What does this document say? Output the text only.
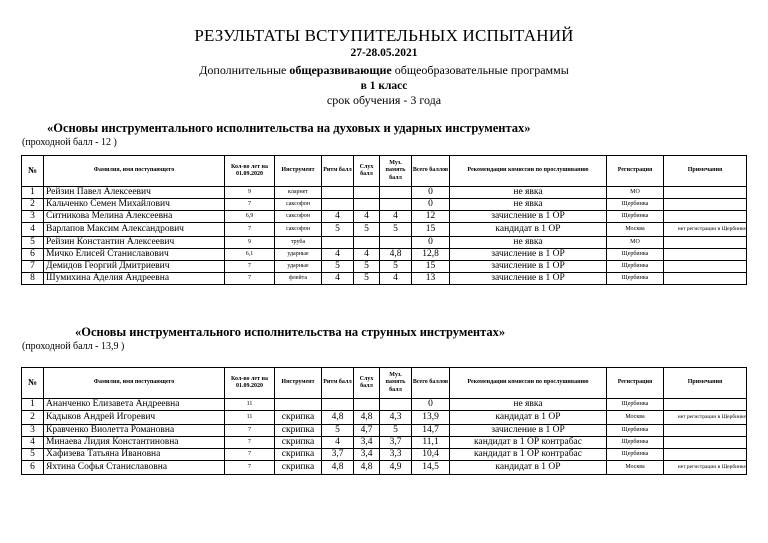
РЕЗУЛЬТАТЫ ВСТУПИТЕЛЬНЫХ ИСПЫТАНИЙ
27-28.05.2021
Дополнительные общеразвивающие общеобразовательные программы
в 1 класс
срок обучения - 3 года
«Основы инструментального исполнительства на духовых и ударных инструментах»
(проходной балл - 12 )
№	Фамилия, имя поступающего	Кол-во лет на 01.09.2020	Инструмент	Ритм балл	Слух балл	Муз. память балл	Всего баллов	Рекомендации комиссии по прослушиванию	Регистрация	Примечания
1	Рейзин Павел Алексеевич	9	кларнет				0	не явка	МО	
2	Кальченко Семен Михайлович	7	саксофон				0	не явка	Щербинка	
3	Ситникова Мелина Алексеевна	6,9	саксофон	4	4	4	12	зачисление в 1 ОР	Щербинка	
4	Варлапов Максим Александрович	7	саксофон	5	5	5	15	кандидат в 1 ОР	Москва	нет регистрации в Щербинке
5	Рейзин Константин Алексеевич	9	труба				0	не явка	МО	
6	Мичко Елисей Станиславович	6,1	ударные	4	4	4,8	12,8	зачисление в 1 ОР	Щербинка	
7	Демидов Георгий Дмитриевич	7	ударные	5	5	5	15	зачисление в 1 ОР	Щербинка	
8	Шумихина Аделия Андреевна	7	флейта	4	5	4	13	зачисление в 1 ОР	Щербинка	
«Основы инструментального исполнительства на струнных инструментах»
(проходной балл - 13,9 )
№	Фамилия, имя поступающего	Кол-во лет на 01.09.2020	Инструмент	Ритм балл	Слух балл	Муз. память балл	Всего баллов	Рекомендации комиссии по прослушиванию	Регистрация	Примечания
1	Ананченко Елизавета Андреевна	11					0	не явка	Щербинка	
2	Кадыков Андрей Игоревич	11	скрипка	4,8	4,8	4,3	13,9	кандидат в 1 ОР	Москва	нет регистрации в Щербинке
3	Кравченко Виолетта Романовна	7	скрипка	5	4,7	5	14,7	зачисление в 1 ОР	Щербинка	
4	Минаева Лидия Константиновна	7	скрипка	4	3,4	3,7	11,1	кандидат в 1 ОР контрабас	Щербинка	
5	Хафизева Татьяна Ивановна	7	скрипка	3,7	3,4	3,3	10,4	кандидат в 1 ОР контрабас	Щербинка	
6	Яхтина Софья Станиславовна	7	скрипка	4,8	4,8	4,9	14,5	кандидат в 1 ОР	Москва	нет регистрации в Щербинке
